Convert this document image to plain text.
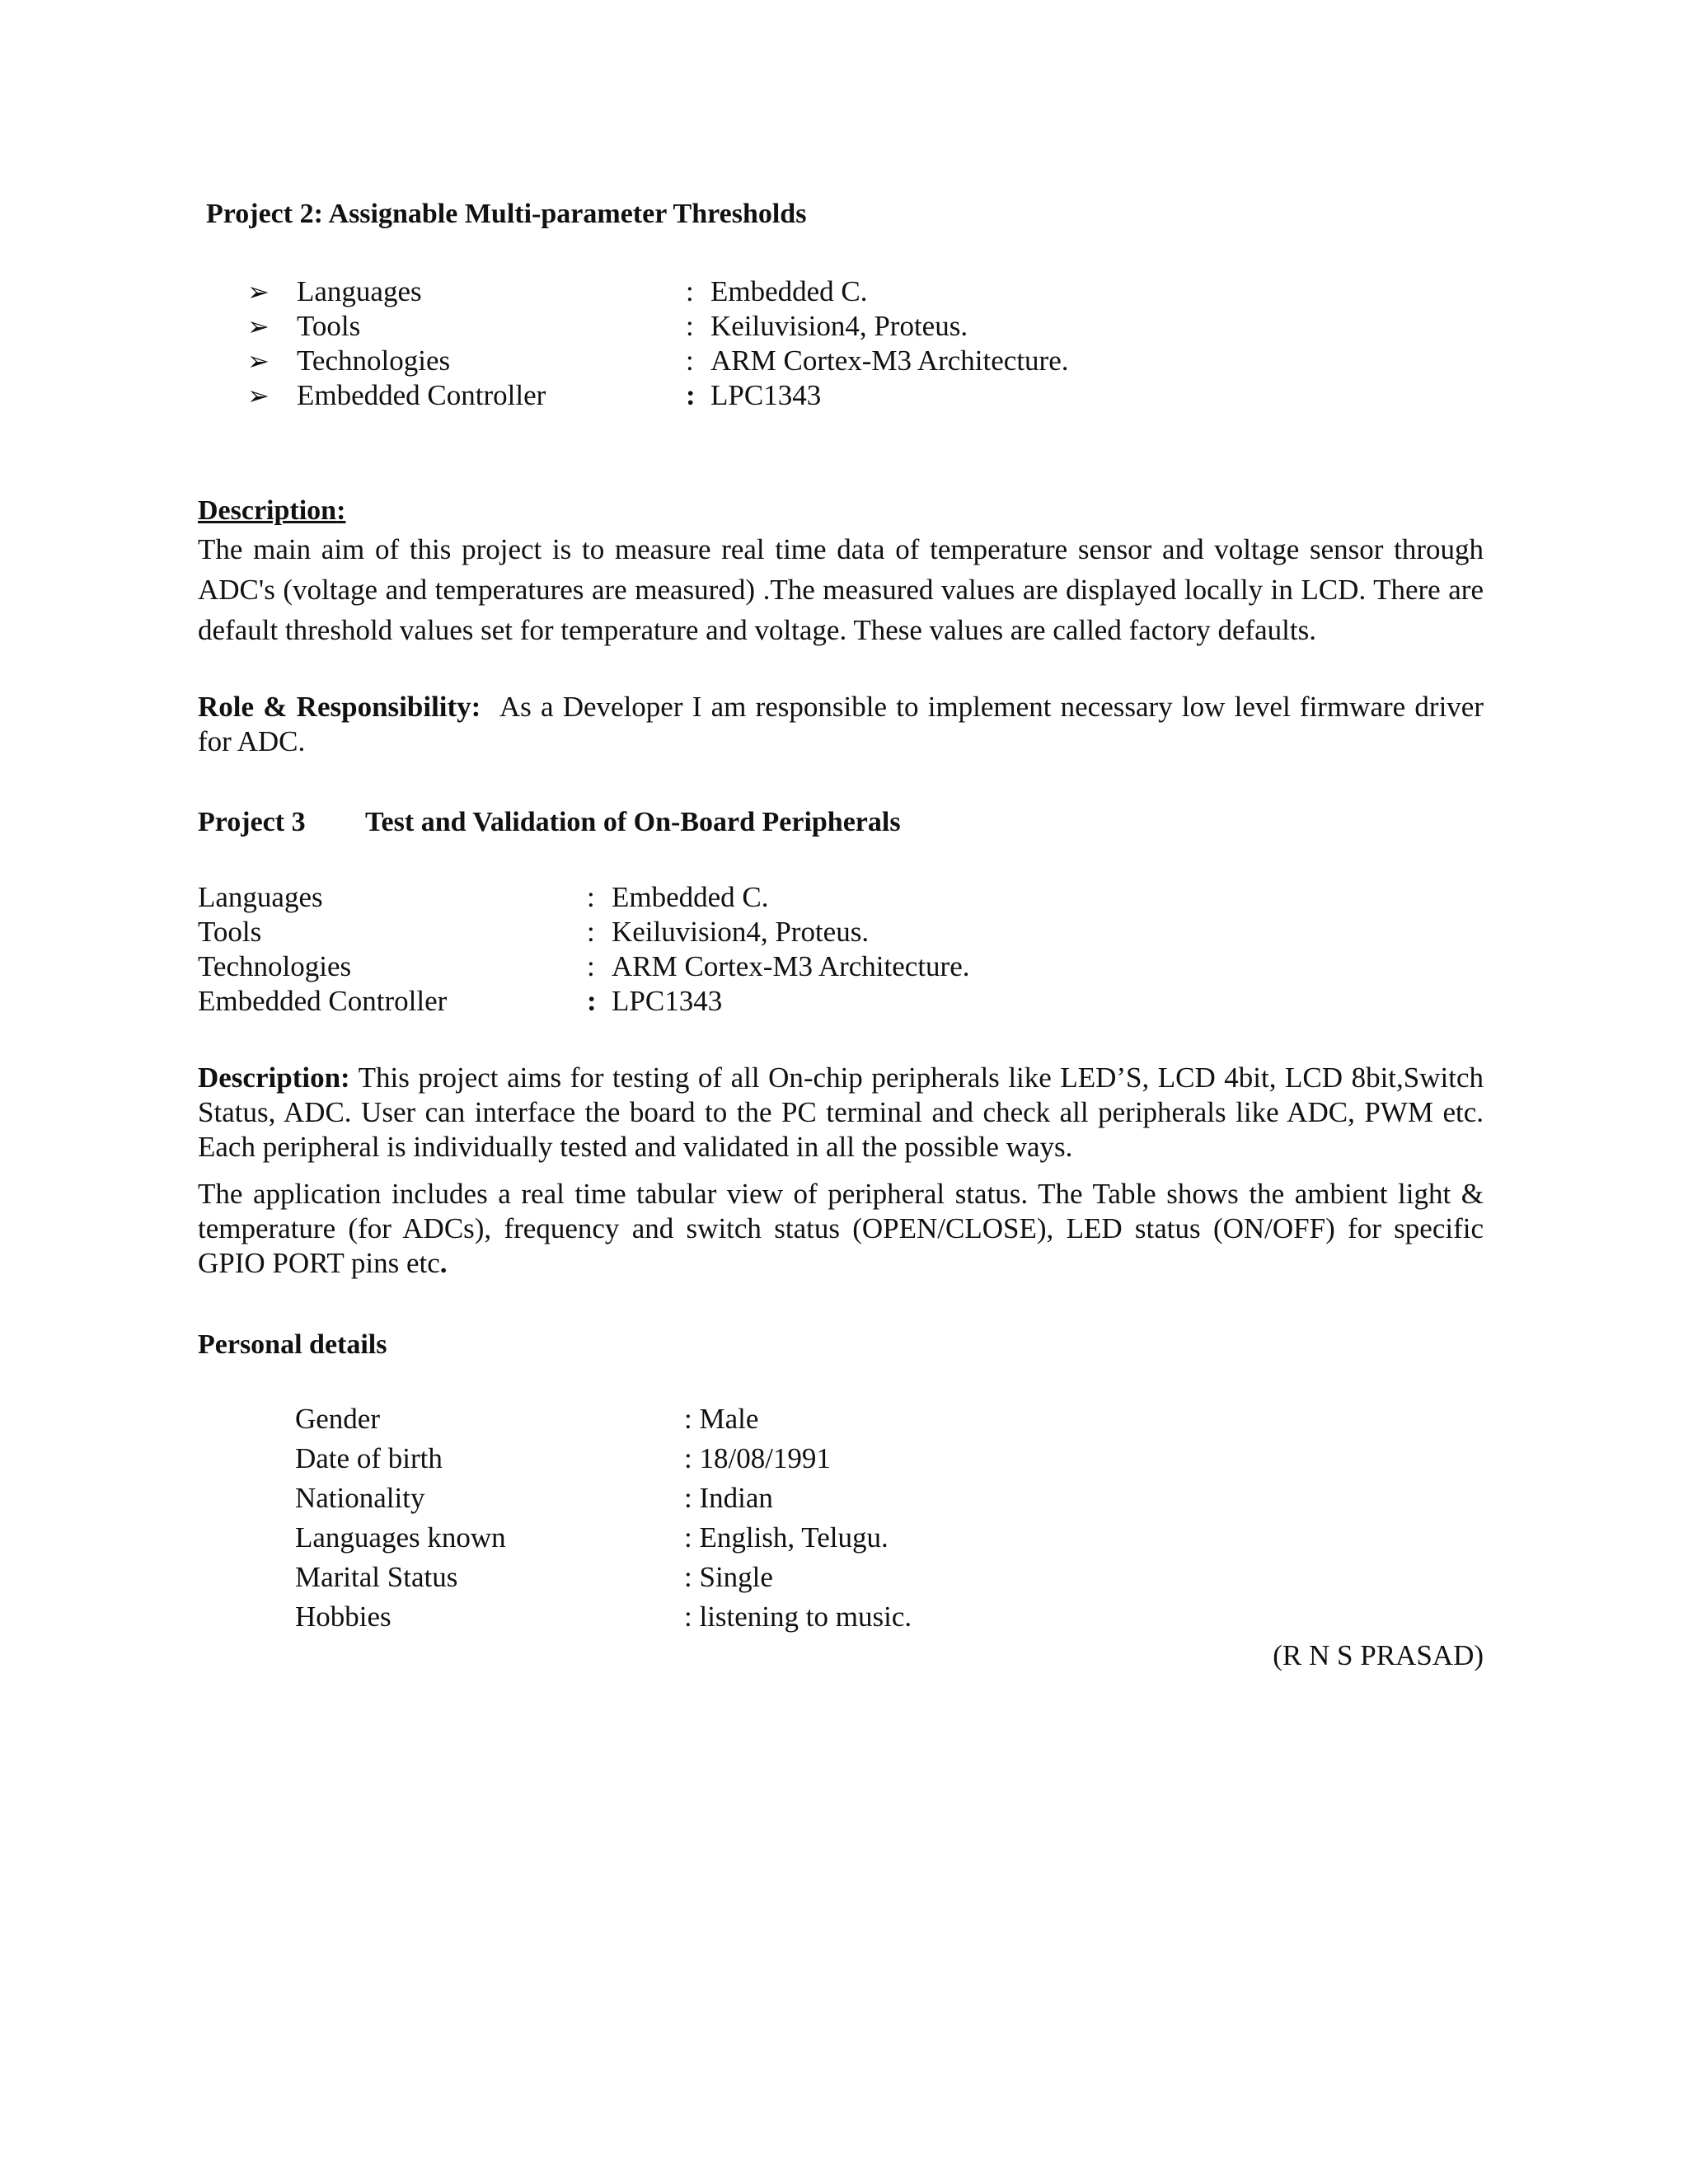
Project 2: Assignable Multi-parameter Thresholds
➢ Languages	: Embedded C.
➢ Tools	: Keiluvision4, Proteus.
➢ Technologies	: ARM Cortex-M3 Architecture.
➢ Embedded Controller	: LPC1343
Description:
The main aim of this project is to measure real time data of temperature sensor and voltage sensor through ADC's (voltage and temperatures are measured) .The measured values are displayed locally in LCD. There are default threshold values set for temperature and voltage. These values are called factory defaults.
Role & Responsibility: As a Developer I am responsible to implement necessary low level firmware driver for ADC.
Project 3 Test and Validation of On-Board Peripherals
Languages	: Embedded C.
Tools	: Keiluvision4, Proteus.
Technologies	: ARM Cortex-M3 Architecture.
Embedded Controller	: LPC1343
Description: This project aims for testing of all On-chip peripherals like LED’S, LCD 4bit, LCD 8bit,Switch Status, ADC. User can interface the board to the PC terminal and check all peripherals like ADC, PWM etc. Each peripheral is individually tested and validated in all the possible ways.
The application includes a real time tabular view of peripheral status. The Table shows the ambient light & temperature (for ADCs), frequency and switch status (OPEN/CLOSE), LED status (ON/OFF) for specific GPIO PORT pins etc.
Personal details
Gender	: Male
Date of birth	: 18/08/1991
Nationality	: Indian
Languages known	: English, Telugu.
Marital Status	: Single
Hobbies	: listening to music.
(R N S PRASAD)
